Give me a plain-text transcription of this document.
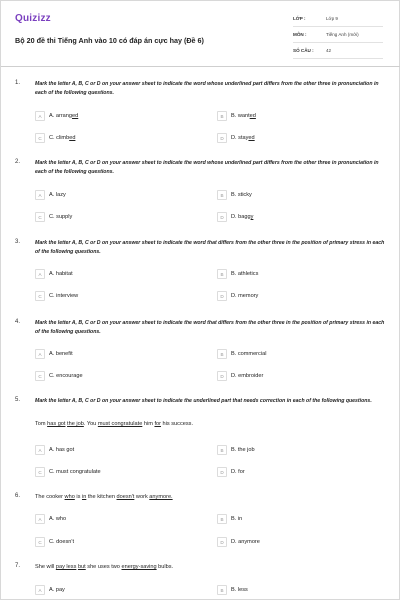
Quizizz
Bộ 20 đề thi Tiếng Anh vào 10 có đáp án cực hay (Đề 6)
LỚP :	Lớp 9
MÔN :	Tiếng Anh (mới)
SỐ CÂU :	42
1.	Mark the letter A, B, C or D on your answer sheet to indicate the word whose underlined part differs from the other three in pronunciation in each of the following questions.
A	A. arranged	B	B. wanted
C	C. climbed	D	D. stayed
2.	Mark the letter A, B, C or D on your answer sheet to indicate the word whose underlined part differs from the other three in pronunciation in each of the following questions.
A	A. lazy	B	B. sticky
C	C. supply	D	D. baggy
3.	Mark the letter A, B, C or D on your answer sheet to indicate the word that differs from the other three in the position of primary stress in each of the following questions.
A	A. habitat	B	B. athletics
C	C. interview	D	D. memory
4.	Mark the letter A, B, C or D on your answer sheet to indicate the word that differs from the other three in the position of primary stress in each of the following questions.
A	A. benefit	B	B. commercial
C	C. encourage	D	D. embroider
5.	Mark the letter A, B, C or D on your answer sheet to indicate the underlined part that needs correction in each of the following questions.
Tom has got the job. You must congratulate him for his success.
A	A. has got	B	B. the job
C	C. must congratulate	D	D. for
6.	The cooker who is in the kitchen doesn't work anymore.
A	A. who	B	B. in
C	C. doesn't	D	D. anymore
7.	She will pay less but she uses two energy-saving bulbs.
A	A. pay	B	B. less
